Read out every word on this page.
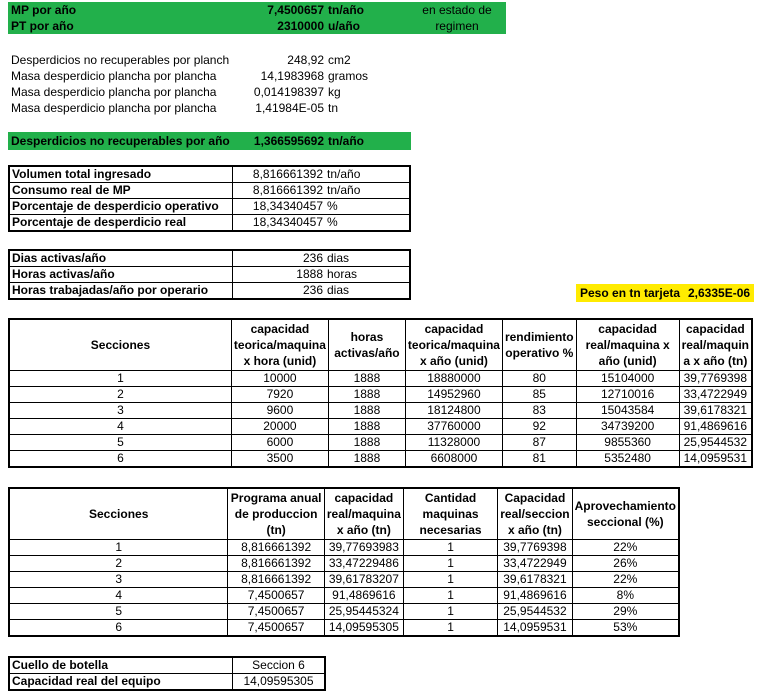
MP por año	7,4500657 tn/año
PT por año	2310000 u/año
en estado de
regimen
Desperdicios no recuperables por planch	248,92 cm2
Masa desperdicio plancha por plancha	14,1983968 gramos
Masa desperdicio plancha por plancha	0,014198397 kg
Masa desperdicio plancha por plancha	1,41984E-05 tn
Desperdicios no recuperables por año	1,366595692 tn/año
Volumen total ingresado	8,816661392	tn/año
Consumo real de MP	8,816661392	tn/año
Porcentaje de desperdicio operativo	18,34340457	%
Porcentaje de desperdicio real	18,34340457	%
Dias activas/año	236	dias
Horas activas/año	1888	horas
Horas trabajadas/año por operario	236	dias	Peso en tn tarjeta 2,6335E-06
Secciones	capacidad teorica/maquina x hora (unid)	horas activas/año	capacidad teorica/maquina x año (unid)	rendimiento operativo %	capacidad real/maquina x año (unid)	capacidad real/maquin a x año (tn)
1	10000	1888	18880000	80	15104000	39,7769398
2	7920	1888	14952960	85	12710016	33,4722949
3	9600	1888	18124800	83	15043584	39,6178321
4	20000	1888	37760000	92	34739200	91,4869616
5	6000	1888	11328000	87	9855360	25,9544532
6	3500	1888	6608000	81	5352480	14,0959531
Secciones	Programa anual de produccion (tn)	capacidad real/maquina x año (tn)	Cantidad maquinas necesarias	Capacidad real/seccion x año (tn)	Aprovechamiento seccional (%)
1	8,816661392	39,77693983	1	39,7769398	22%
2	8,816661392	33,47229486	1	33,4722949	26%
3	8,816661392	39,61783207	1	39,6178321	22%
4	7,4500657	91,4869616	1	91,4869616	8%
5	7,4500657	25,95445324	1	25,9544532	29%
6	7,4500657	14,09595305	1	14,0959531	53%
Cuello de botella	Seccion 6
Capacidad real del equipo	14,09595305
